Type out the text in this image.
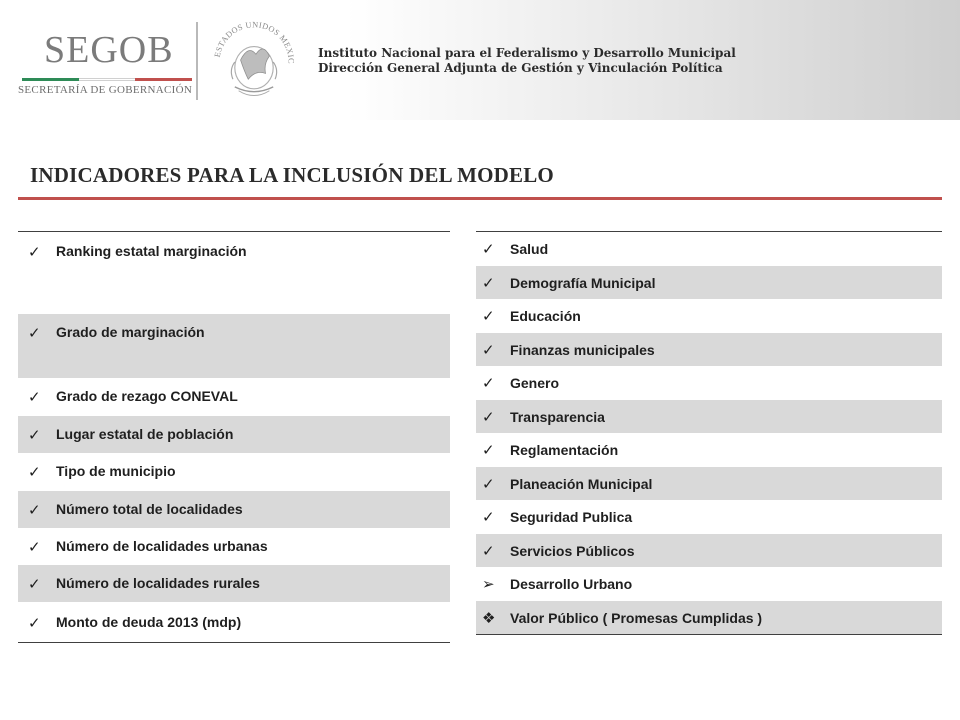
SEGOB
SECRETARÍA DE GOBERNACIÓN
ESTADOS UNIDOS MEXIC
Instituto Nacional para el Federalismo y Desarrollo Municipal
Dirección General Adjunta de Gestión y Vinculación Política
INDICADORES PARA LA INCLUSIÓN DEL MODELO
✓	Ranking estatal marginación
✓	Grado de marginación
✓	Grado de rezago CONEVAL
✓	Lugar estatal de población
✓	Tipo de municipio
✓	Número total de localidades
✓	Número de localidades urbanas
✓	Número de localidades rurales
✓	Monto de deuda 2013 (mdp)
✓	Salud
✓	Demografía Municipal
✓	Educación
✓	Finanzas municipales
✓	Genero
✓	Transparencia
✓	Reglamentación
✓	Planeación Municipal
✓	Seguridad Publica
✓	Servicios Públicos
➢	Desarrollo Urbano
❖	Valor Público ( Promesas Cumplidas )
